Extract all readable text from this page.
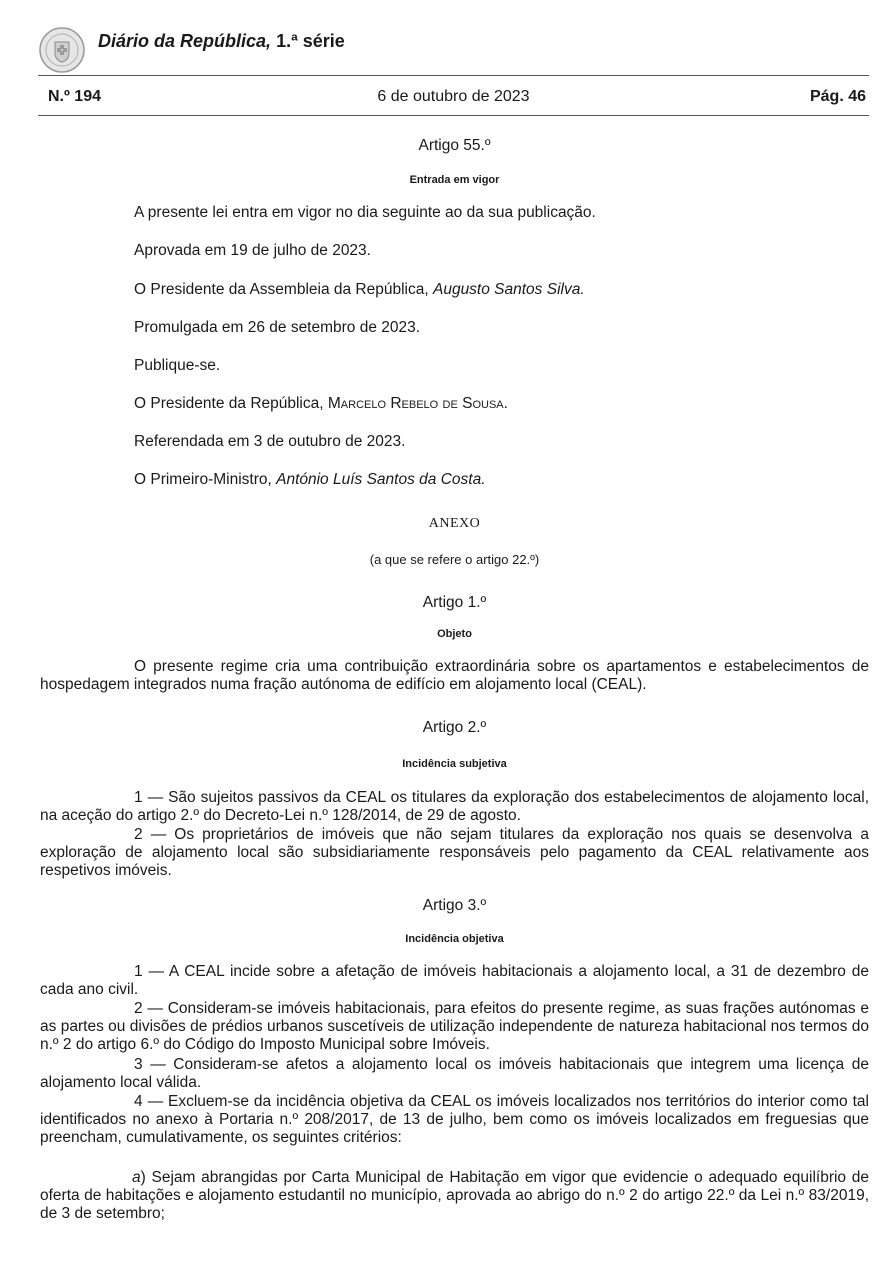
Diário da República, 1.ª série
N.º 194	6 de outubro de 2023	Pág. 46
Artigo 55.º
Entrada em vigor
A presente lei entra em vigor no dia seguinte ao da sua publicação.
Aprovada em 19 de julho de 2023.
O Presidente da Assembleia da República, Augusto Santos Silva.
Promulgada em 26 de setembro de 2023.
Publique-se.
O Presidente da República, Marcelo Rebelo de Sousa.
Referendada em 3 de outubro de 2023.
O Primeiro-Ministro, António Luís Santos da Costa.
ANEXO
(a que se refere o artigo 22.º)
Artigo 1.º
Objeto
O presente regime cria uma contribuição extraordinária sobre os apartamentos e estabelecimentos de hospedagem integrados numa fração autónoma de edifício em alojamento local (CEAL).
Artigo 2.º
Incidência subjetiva
1 — São sujeitos passivos da CEAL os titulares da exploração dos estabelecimentos de alojamento local, na aceção do artigo 2.º do Decreto-Lei n.º 128/2014, de 29 de agosto.
2 — Os proprietários de imóveis que não sejam titulares da exploração nos quais se desenvolva a exploração de alojamento local são subsidiariamente responsáveis pelo pagamento da CEAL relativamente aos respetivos imóveis.
Artigo 3.º
Incidência objetiva
1 — A CEAL incide sobre a afetação de imóveis habitacionais a alojamento local, a 31 de dezembro de cada ano civil.
2 — Consideram-se imóveis habitacionais, para efeitos do presente regime, as suas frações autónomas e as partes ou divisões de prédios urbanos suscetíveis de utilização independente de natureza habitacional nos termos do n.º 2 do artigo 6.º do Código do Imposto Municipal sobre Imóveis.
3 — Consideram-se afetos a alojamento local os imóveis habitacionais que integrem uma licença de alojamento local válida.
4 — Excluem-se da incidência objetiva da CEAL os imóveis localizados nos territórios do interior como tal identificados no anexo à Portaria n.º 208/2017, de 13 de julho, bem como os imóveis localizados em freguesias que preencham, cumulativamente, os seguintes critérios:
a) Sejam abrangidas por Carta Municipal de Habitação em vigor que evidencie o adequado equilíbrio de oferta de habitações e alojamento estudantil no município, aprovada ao abrigo do n.º 2 do artigo 22.º da Lei n.º 83/2019, de 3 de setembro;
